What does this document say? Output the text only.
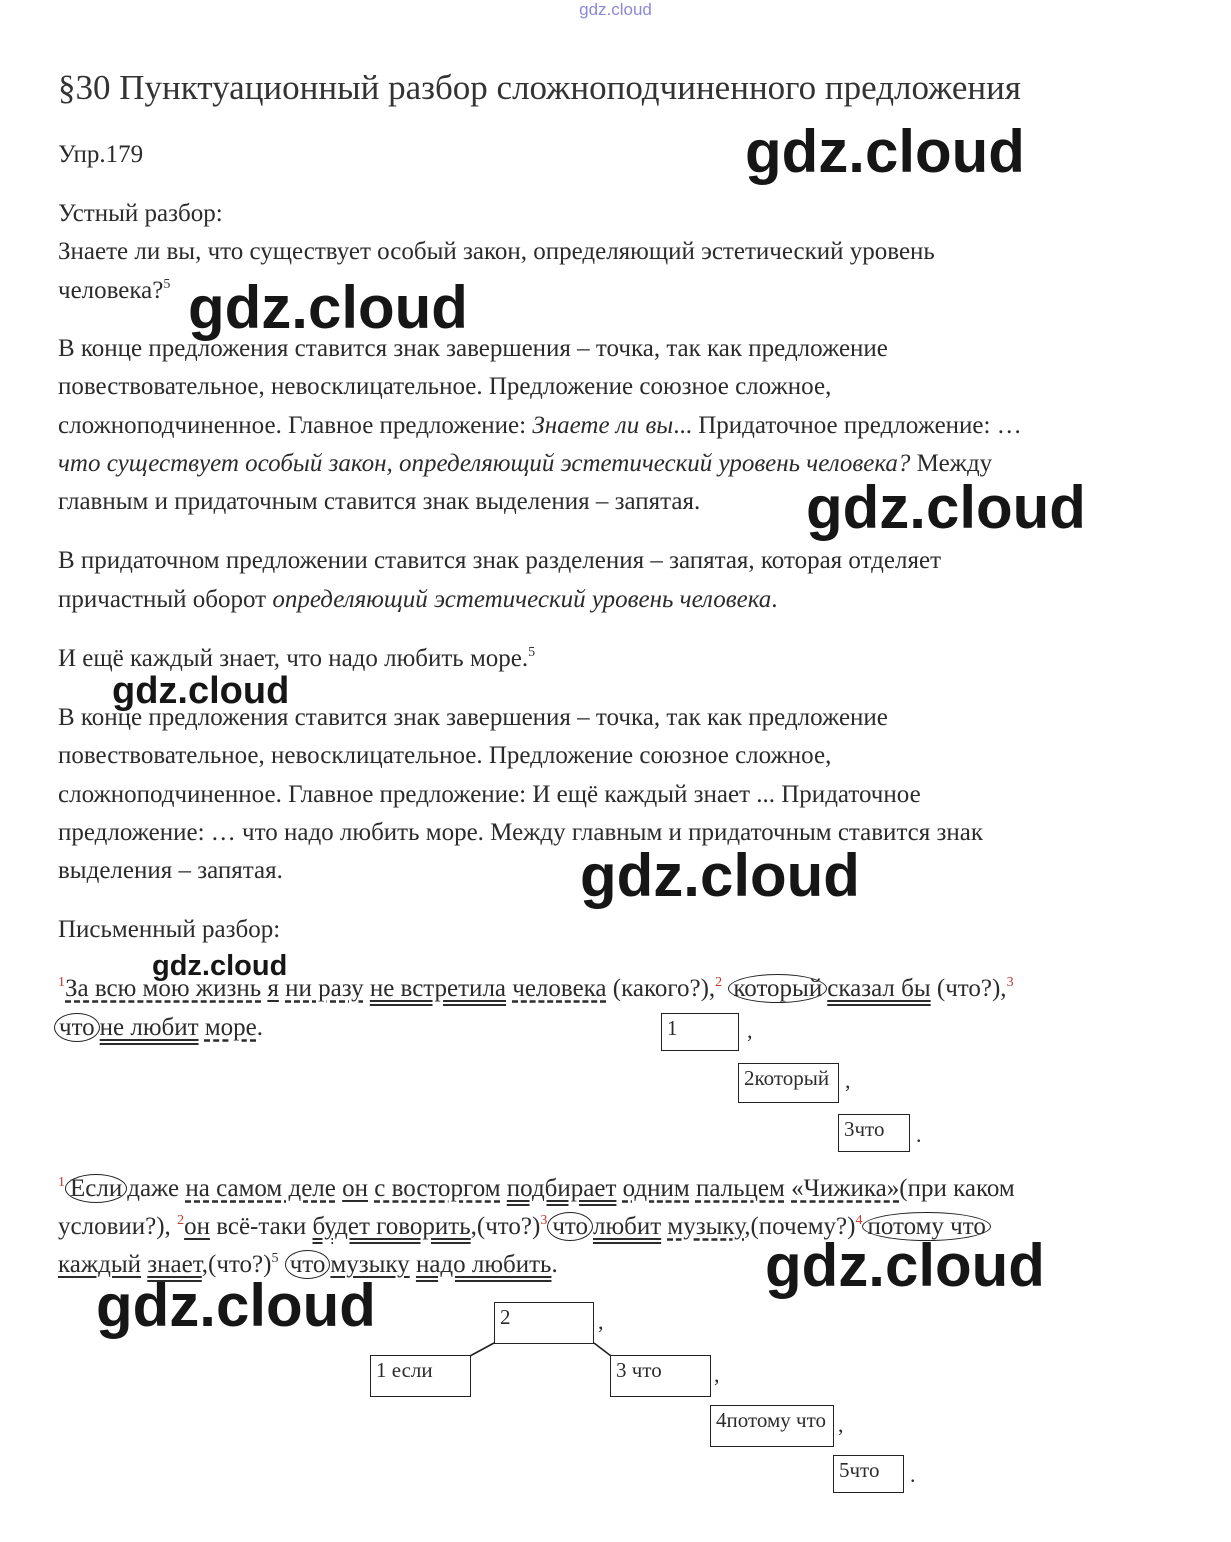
gdz.cloud
§30 Пунктуационный разбор сложноподчиненного предложения
Упр.179
Устный разбор:
Знаете ли вы, что существует особый закон, определяющий эстетический уровень
человека?$^5$
В конце предложения ставится знак завершения – точка, так как предложение
повествовательное, невосклицательное. Предложение союзное сложное,
сложноподчиненное. Главное предложение: Знаете ли вы... Придаточное предложение: …
что существует особый закон, определяющий эстетический уровень человека? Между
главным и придаточным ставится знак выделения – запятая.
В придаточном предложении ставится знак разделения – запятая, которая отделяет
причастный оборот определяющий эстетический уровень человека.
И ещё каждый знает, что надо любить море.$^5$
В конце предложения ставится знак завершения – точка, так как предложение
повествовательное, невосклицательное. Предложение союзное сложное,
сложноподчиненное. Главное предложение: И ещё каждый знает ... Придаточное
предложение: … что надо любить море. Между главным и придаточным ставится знак
выделения – запятая.
Письменный разбор:
$^1$За всю мою жизнь я ни разу не встретила человека (какого?),$^2$ который сказал бы (что?),$^3$
что не любит море.	1	,
2который ,
3что	.
$^1$ Если даже на самом деле он с восторгом подбирает одним пальцем «Чижика»(при каком
условии?), $^2$он всё-таки будет говорить,(что?)$^3$ что любит музыку,(почему?)$^4$ потому что
каждый знает,(что?)$^5$ что музыку надо любить.
2	,
1 если	3 что	,
4потому что ,
5что	.
gdz.cloud
gdz.cloud
gdz.cloud
gdz.cloud
gdz.cloud
gdz.cloud
gdz.cloud
gdz.cloud
